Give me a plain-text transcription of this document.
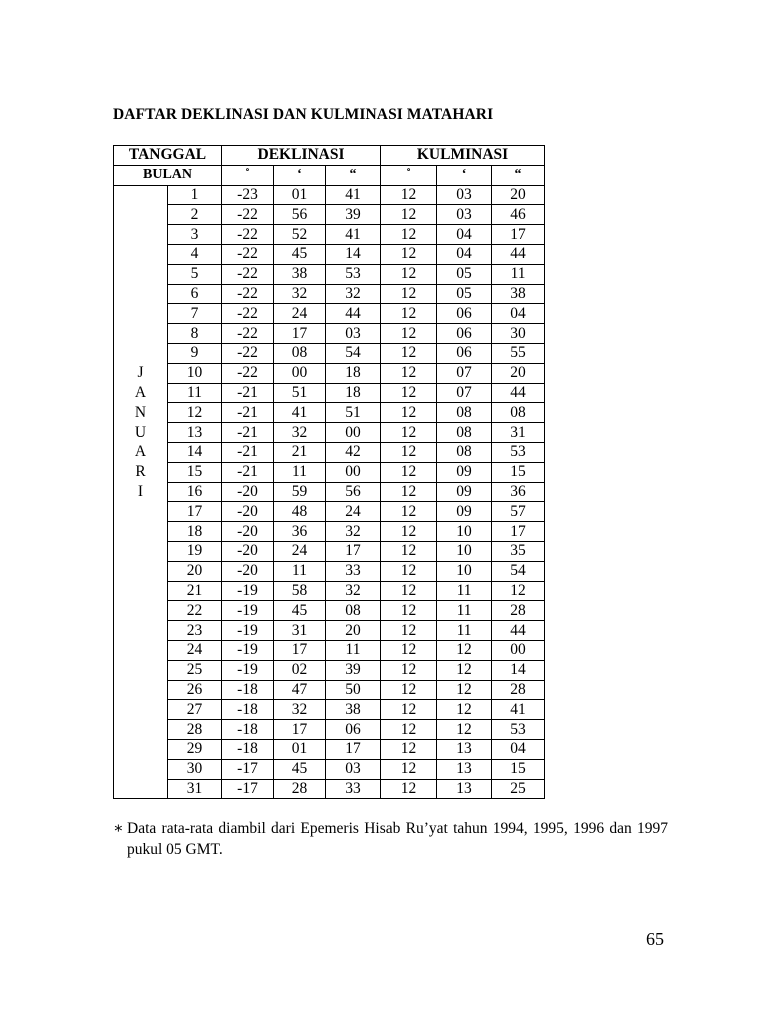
DAFTAR DEKLINASI DAN KULMINASI MATAHARI
TANGGAL		DEKLINASI			KULMINASI		
BULAN		˚	‘	“	˚	‘	“
	1	-23	01	41	12	03	20
	2	-22	56	39	12	03	46
	3	-22	52	41	12	04	17
	4	-22	45	14	12	04	44
	5	-22	38	53	12	05	11
	6	-22	32	32	12	05	38
	7	-22	24	44	12	06	04
	8	-22	17	03	12	06	30
	9	-22	08	54	12	06	55
J	10	-22	00	18	12	07	20
A	11	-21	51	18	12	07	44
N	12	-21	41	51	12	08	08
U	13	-21	32	00	12	08	31
A	14	-21	21	42	12	08	53
R	15	-21	11	00	12	09	15
I	16	-20	59	56	12	09	36
	17	-20	48	24	12	09	57
	18	-20	36	32	12	10	17
	19	-20	24	17	12	10	35
	20	-20	11	33	12	10	54
	21	-19	58	32	12	11	12
	22	-19	45	08	12	11	28
	23	-19	31	20	12	11	44
	24	-19	17	11	12	12	00
	25	-19	02	39	12	12	14
	26	-18	47	50	12	12	28
	27	-18	32	38	12	12	41
	28	-18	17	06	12	12	53
	29	-18	01	17	12	13	04
	30	-17	45	03	12	13	15
	31	-17	28	33	12	13	25
∗ Data rata-rata diambil dari Epemeris Hisab Ru’yat tahun 1994, 1995, 1996 dan 1997 pukul 05 GMT.
65
